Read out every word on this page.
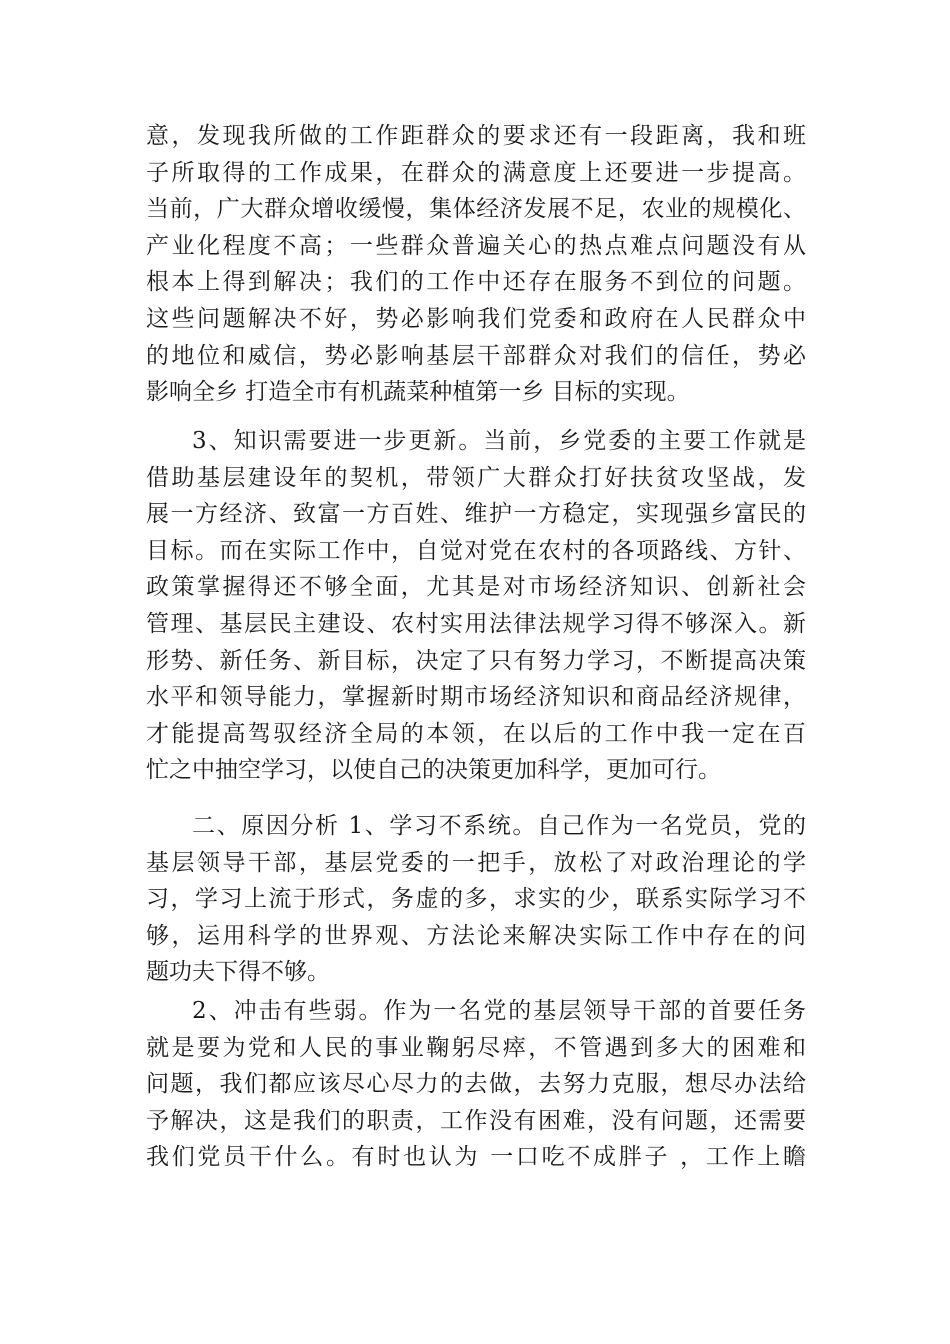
意，发现我所做的工作距群众的要求还有一段距离，我和班
子所取得的工作成果，在群众的满意度上还要进一步提高。
当前，广大群众增收缓慢，集体经济发展不足，农业的规模化、
产业化程度不高；一些群众普遍关心的热点难点问题没有从
根本上得到解决；我们的工作中还存在服务不到位的问题。
这些问题解决不好，势必影响我们党委和政府在人民群众中
的地位和威信，势必影响基层干部群众对我们的信任，势必
影响全乡 打造全市有机蔬菜种植第一乡 目标的实现。
3、知识需要进一步更新。当前，乡党委的主要工作就是
借助基层建设年的契机，带领广大群众打好扶贫攻坚战，发
展一方经济、致富一方百姓、维护一方稳定，实现强乡富民的
目标。而在实际工作中，自觉对党在农村的各项路线、方针、
政策掌握得还不够全面，尤其是对市场经济知识、创新社会
管理、基层民主建设、农村实用法律法规学习得不够深入。新
形势、新任务、新目标，决定了只有努力学习，不断提高决策
水平和领导能力，掌握新时期市场经济知识和商品经济规律，
才能提高驾驭经济全局的本领，在以后的工作中我一定在百
忙之中抽空学习，以使自己的决策更加科学，更加可行。
二、原因分析 1、学习不系统。自己作为一名党员，党的
基层领导干部，基层党委的一把手，放松了对政治理论的学
习，学习上流于形式，务虚的多，求实的少，联系实际学习不
够，运用科学的世界观、方法论来解决实际工作中存在的问
题功夫下得不够。
2、冲击有些弱。作为一名党的基层领导干部的首要任务
就是要为党和人民的事业鞠躬尽瘁，不管遇到多大的困难和
问题，我们都应该尽心尽力的去做，去努力克服，想尽办法给
予解决，这是我们的职责，工作没有困难，没有问题，还需要
我们党员干什么。有时也认为 一口吃不成胖子 ，工作上瞻
